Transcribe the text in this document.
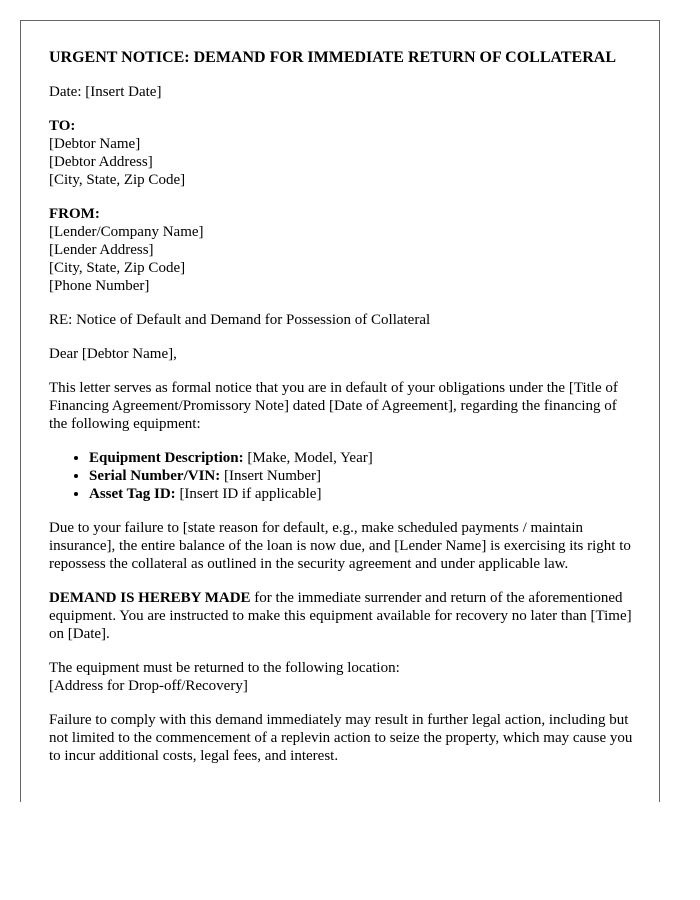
URGENT NOTICE: DEMAND FOR IMMEDIATE RETURN OF COLLATERAL

Date: [Insert Date]

TO:
[Debtor Name]
[Debtor Address]
[City, State, Zip Code]
FROM:
[Lender/Company Name]
[Lender Address]
[City, State, Zip Code]
[Phone Number]

RE: Notice of Default and Demand for Possession of Collateral

Dear [Debtor Name],

This letter serves as formal notice that you are in default of your obligations under the [Title of Financing Agreement/Promissory Note] dated [Date of Agreement], regarding the financing of the following equipment:

• Equipment Description: [Make, Model, Year]
• Serial Number/VIN: [Insert Number]
• Asset Tag ID: [Insert ID if applicable]

Due to your failure to [state reason for default, e.g., make scheduled payments / maintain insurance], the entire balance of the loan is now due, and [Lender Name] is exercising its right to repossess the collateral as outlined in the security agreement and under applicable law.

DEMAND IS HEREBY MADE for the immediate surrender and return of the aforementioned equipment. You are instructed to make this equipment available for recovery no later than [Time] on [Date].

The equipment must be returned to the following location:
[Address for Drop-off/Recovery]

Failure to comply with this demand immediately may result in further legal action, including but not limited to the commencement of a replevin action to seize the property, which may cause you to incur additional costs, legal fees, and interest.
